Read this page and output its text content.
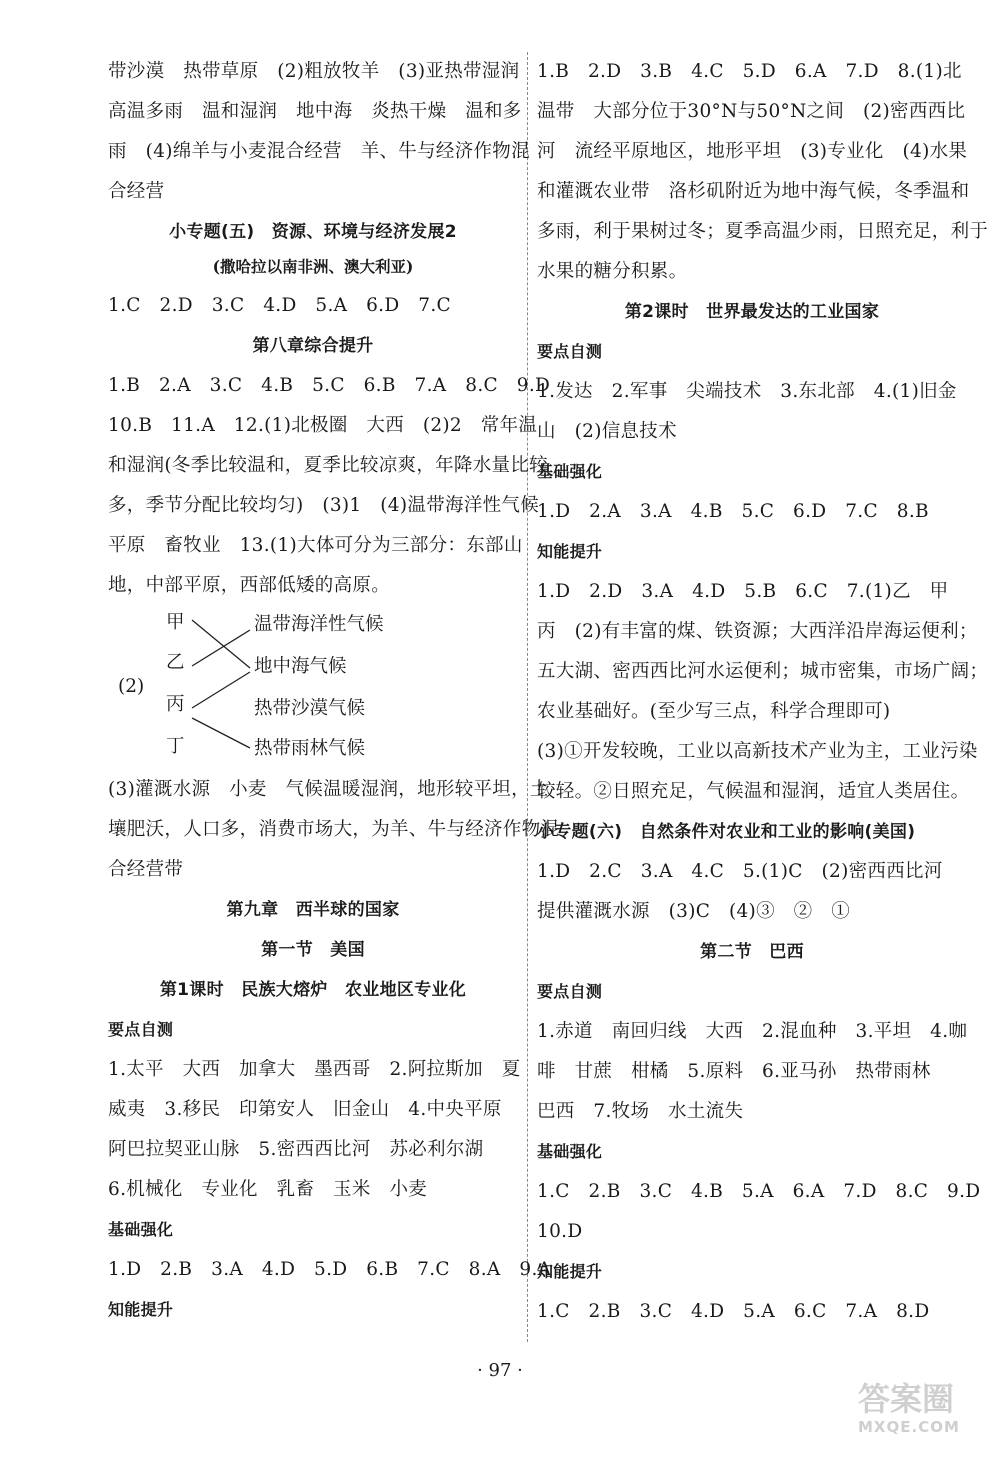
带沙漠　热带草原　(2)粗放牧羊　(3)亚热带湿润
高温多雨　温和湿润　地中海　炎热干燥　温和多
雨　(4)绵羊与小麦混合经营　羊、牛与经济作物混
合经营
小专题(五)　资源、环境与经济发展2
(撒哈拉以南非洲、澳大利亚)
1.C　2.D　3.C　4.D　5.A　6.D　7.C
第八章综合提升
1.B　2.A　3.C　4.B　5.C　6.B　7.A　8.C　9.D
10.B　11.A　12.(1)北极圈　大西　(2)2　常年温
和湿润(冬季比较温和，夏季比较凉爽，年降水量比较
多，季节分配比较均匀)　(3)1　(4)温带海洋性气候
平原　畜牧业　13.(1)大体可分为三部分：东部山
地，中部平原，西部低矮的高原。
(2)
甲
乙
丙
丁
温带海洋性气候
地中海气候
热带沙漠气候
热带雨林气候
(3)灌溉水源　小麦　气候温暖湿润，地形较平坦，土
壤肥沃，人口多，消费市场大，为羊、牛与经济作物混
合经营带
第九章　西半球的国家
第一节　美国
第1课时　民族大熔炉　农业地区专业化
要点自测
1.太平　大西　加拿大　墨西哥　2.阿拉斯加　夏
威夷　3.移民　印第安人　旧金山　4.中央平原
阿巴拉契亚山脉　5.密西西比河　苏必利尔湖
6.机械化　专业化　乳畜　玉米　小麦
基础强化
1.D　2.B　3.A　4.D　5.D　6.B　7.C　8.A　9.A
知能提升
1.B　2.D　3.B　4.C　5.D　6.A　7.D　8.(1)北
温带　大部分位于30°N与50°N之间　(2)密西西比
河　流经平原地区，地形平坦　(3)专业化　(4)水果
和灌溉农业带　洛杉矶附近为地中海气候，冬季温和
多雨，利于果树过冬；夏季高温少雨，日照充足，利于
水果的糖分积累。
第2课时　世界最发达的工业国家
要点自测
1.发达　2.军事　尖端技术　3.东北部　4.(1)旧金
山　(2)信息技术
基础强化
1.D　2.A　3.A　4.B　5.C　6.D　7.C　8.B
知能提升
1.D　2.D　3.A　4.D　5.B　6.C　7.(1)乙　甲
丙　(2)有丰富的煤、铁资源；大西洋沿岸海运便利；
五大湖、密西西比河水运便利；城市密集，市场广阔；
农业基础好。(至少写三点，科学合理即可)
(3)①开发较晚，工业以高新技术产业为主，工业污染
较轻。②日照充足，气候温和湿润，适宜人类居住。
小专题(六)　自然条件对农业和工业的影响(美国)
1.D　2.C　3.A　4.C　5.(1)C　(2)密西西比河
提供灌溉水源　(3)C　(4)③　②　①
第二节　巴西
要点自测
1.赤道　南回归线　大西　2.混血种　3.平坦　4.咖
啡　甘蔗　柑橘　5.原料　6.亚马孙　热带雨林
巴西　7.牧场　水土流失
基础强化
1.C　2.B　3.C　4.B　5.A　6.A　7.D　8.C　9.D
10.D
知能提升
1.C　2.B　3.C　4.D　5.A　6.C　7.A　8.D
· 97 ·
答案圈
MXQE.COM
